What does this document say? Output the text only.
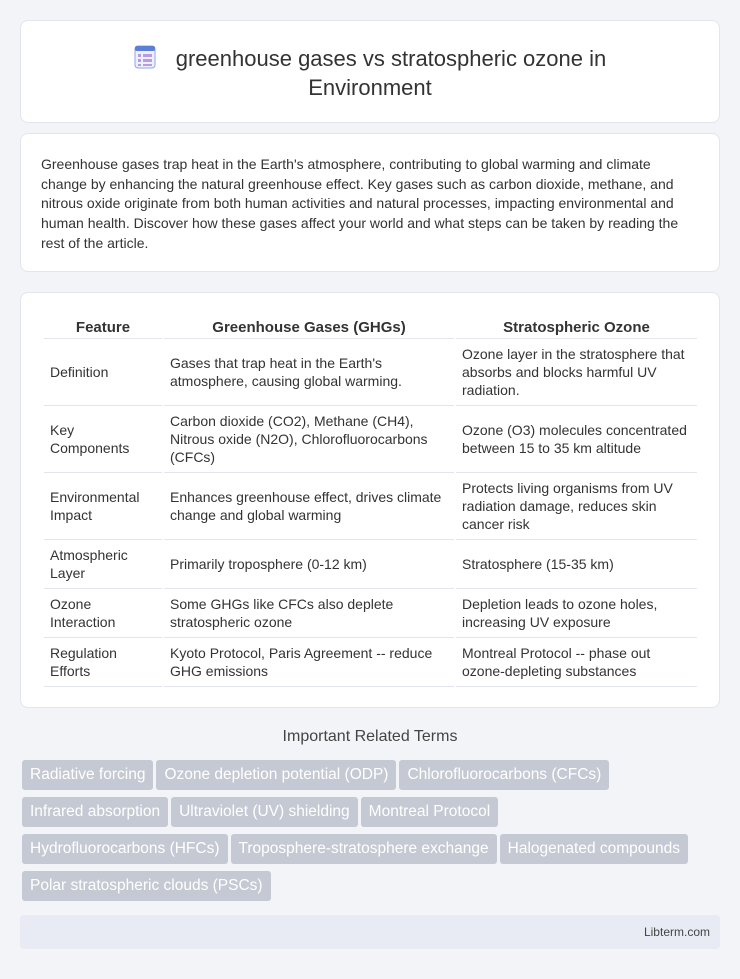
greenhouse gases vs stratospheric ozone in
Environment

Greenhouse gases trap heat in the Earth's atmosphere, contributing to global warming and climate change by enhancing the natural greenhouse effect. Key gases such as carbon dioxide, methane, and nitrous oxide originate from both human activities and natural processes, impacting environmental and human health. Discover how these gases affect your world and what steps can be taken by reading the rest of the article.

Feature	Greenhouse Gases (GHGs)	Stratospheric Ozone
Definition	Gases that trap heat in the Earth's atmosphere, causing global warming.	Ozone layer in the stratosphere that absorbs and blocks harmful UV radiation.
Key Components	Carbon dioxide (CO2), Methane (CH4), Nitrous oxide (N2O), Chlorofluorocarbons (CFCs)	Ozone (O3) molecules concentrated between 15 to 35 km altitude
Environmental Impact	Enhances greenhouse effect, drives climate change and global warming	Protects living organisms from UV radiation damage, reduces skin cancer risk
Atmospheric Layer	Primarily troposphere (0-12 km)	Stratosphere (15-35 km)
Ozone Interaction	Some GHGs like CFCs also deplete stratospheric ozone	Depletion leads to ozone holes, increasing UV exposure
Regulation Efforts	Kyoto Protocol, Paris Agreement -- reduce GHG emissions	Montreal Protocol -- phase out ozone-depleting substances
Important Related Terms
Radiative forcing Ozone depletion potential (ODP) Chlorofluorocarbons (CFCs)
Infrared absorption Ultraviolet (UV) shielding Montreal Protocol
Hydrofluorocarbons (HFCs) Troposphere-stratosphere exchange Halogenated compounds
Polar stratospheric clouds (PSCs)
Libterm.com
